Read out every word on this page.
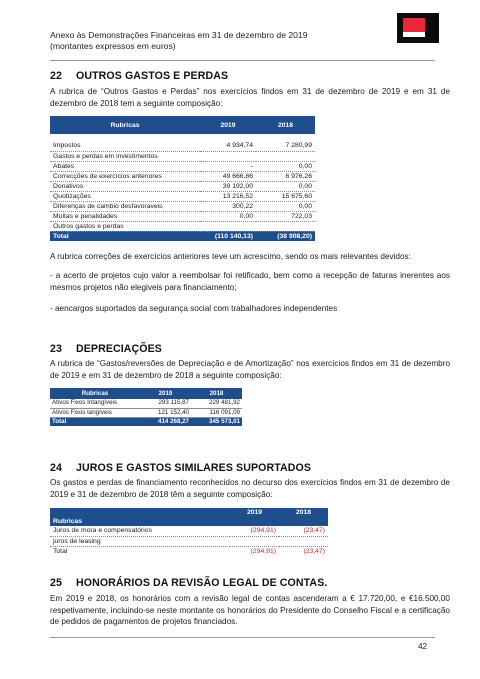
Anexo às Demonstrações Financeiras em 31 de dezembro de 2019
(montantes expressos em euros)
22 OUTROS GASTOS E PERDAS
A rubrica de “Outros Gastos e Perdas” nos exercícios findos em 31 de dezembro de 2019 e em 31 de dezembro de 2018 tem a seguinte composição:
Rubricas	2019	2018

Impostos	4 934,74	7 280,99
Gastos e perdas em investimentos		
Abates	-	0,00
Correcções de exercícios anteriores	49 666,86	6 976,26
Donativos	39 192,00	0,00
Quotizações	13 216,52	15 675,60
Diferenças de cambio desfavoraveis	300,22	0,00
Multas e penalidades	0,00	722,03
Outros gastos e perdas		
Total	(110 140,13)	(38 908,20)
A rubrica correções de exercícios anteriores teve um acrescimo, sendo os mais relevantes devidos:
- a acerto de projetos cujo valor a reembolsar foi retificado, bem como a recepção de faturas inerentes aos mesmos projetos não elegiveis para financiamento;
- aencargos suportados da segurança social com trabalhadores independentes
23 DEPRECIAÇÕES
A rubrica de “Gastos/reversões de Depreciação e de Amortização” nos exercícios findos em 31 de dezembro de 2019 e em 31 de dezembro de 2018 a seguinte composição:
Rubricas	2019	2018
Ativos Fixos Intangíveis	293 115,87	229 481,92
Ativos Fixos tangíveis	121 152,40	116 091,09
Total	414 268,27	345 573,01
24 JUROS E GASTOS SIMILARES SUPORTADOS
Os gastos e perdas de financiamento reconhecidos no decurso dos exercícios findos em 31 de dezembro de 2019 e 31 de dezembro de 2018 têm a seguinte composição:
	2019	2018
Rubricas		
Juros de mora e compensatórios	(294,91)	(23,47)
juros de leasing		
Total	(294,91)	(23,47)
25 HONORÁRIOS DA REVISÃO LEGAL DE CONTAS.
Em 2019 e 2018, os honorários com a revisão legal de contas ascenderam a € 17.720,00, e €16.500,00 respetivamente, incluindo-se neste montante os honorários do Presidente do Conselho Fiscal e a certificação de pedidos de pagamentos de projetos financiados.
42
